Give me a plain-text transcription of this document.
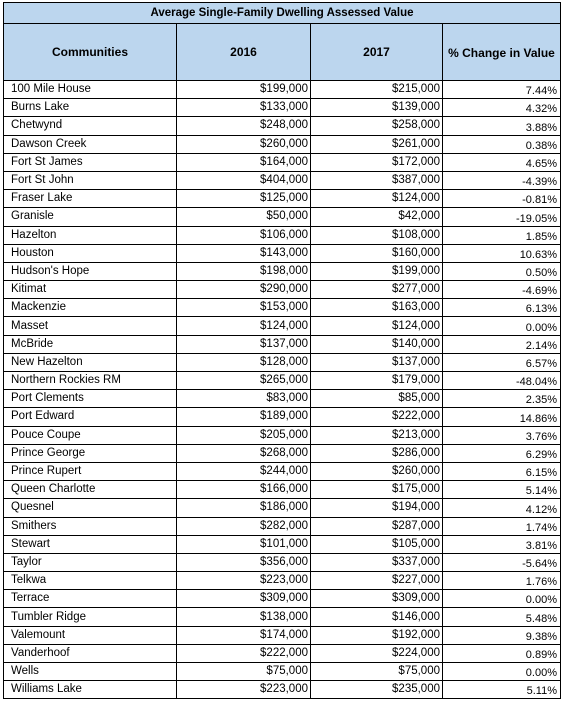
Average Single-Family Dwelling Assessed Value			
Communities	2016	2017	% Change in Value
100 Mile House	$199,000	$215,000	7.44%
Burns Lake	$133,000	$139,000	4.32%
Chetwynd	$248,000	$258,000	3.88%
Dawson Creek	$260,000	$261,000	0.38%
Fort St James	$164,000	$172,000	4.65%
Fort St John	$404,000	$387,000	-4.39%
Fraser Lake	$125,000	$124,000	-0.81%
Granisle	$50,000	$42,000	-19.05%
Hazelton	$106,000	$108,000	1.85%
Houston	$143,000	$160,000	10.63%
Hudson's Hope	$198,000	$199,000	0.50%
Kitimat	$290,000	$277,000	-4.69%
Mackenzie	$153,000	$163,000	6.13%
Masset	$124,000	$124,000	0.00%
McBride	$137,000	$140,000	2.14%
New Hazelton	$128,000	$137,000	6.57%
Northern Rockies RM	$265,000	$179,000	-48.04%
Port Clements	$83,000	$85,000	2.35%
Port Edward	$189,000	$222,000	14.86%
Pouce Coupe	$205,000	$213,000	3.76%
Prince George	$268,000	$286,000	6.29%
Prince Rupert	$244,000	$260,000	6.15%
Queen Charlotte	$166,000	$175,000	5.14%
Quesnel	$186,000	$194,000	4.12%
Smithers	$282,000	$287,000	1.74%
Stewart	$101,000	$105,000	3.81%
Taylor	$356,000	$337,000	-5.64%
Telkwa	$223,000	$227,000	1.76%
Terrace	$309,000	$309,000	0.00%
Tumbler Ridge	$138,000	$146,000	5.48%
Valemount	$174,000	$192,000	9.38%
Vanderhoof	$222,000	$224,000	0.89%
Wells	$75,000	$75,000	0.00%
Williams Lake	$223,000	$235,000	5.11%
